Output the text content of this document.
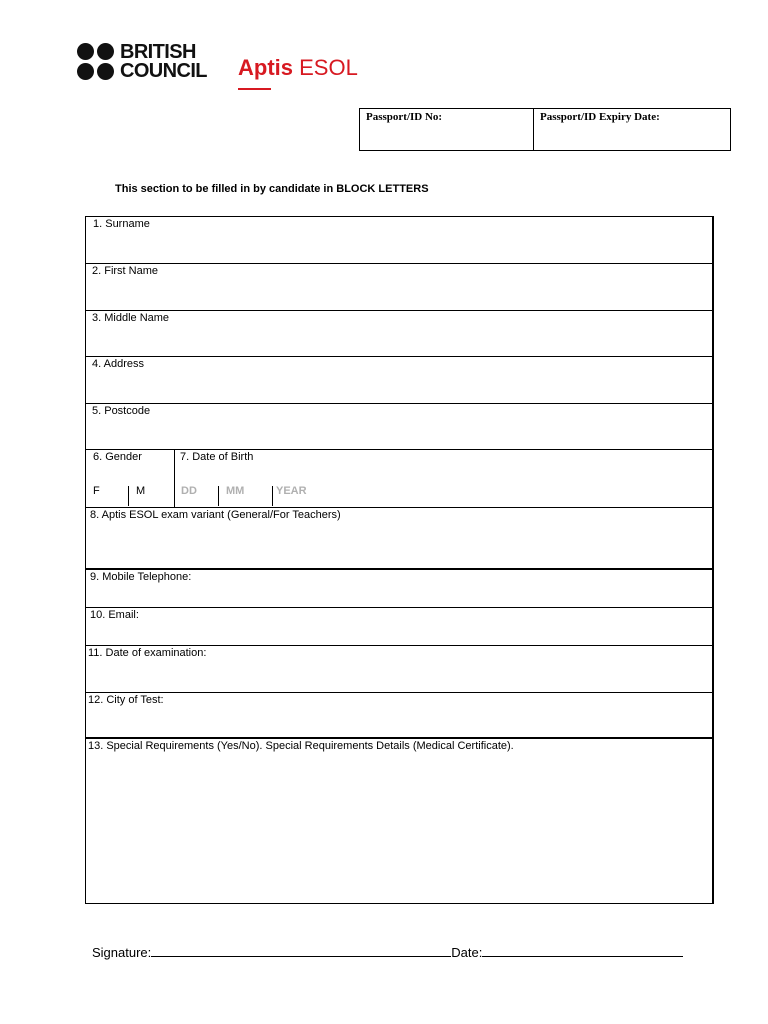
BRITISH
COUNCIL Aptis ESOL
Passport/ID No:	Passport/ID Expiry Date:
This section to be filled in by candidate in BLOCK LETTERS
1. Surname
2. First Name
3. Middle Name
4. Address
5. Postcode
6. Gender
F	M
7. Date of Birth
DD	MM	YEAR
8. Aptis ESOL exam variant (General/For Teachers)
9. Mobile Telephone:
10. Email:
11. Date of examination:
12. City of Test:
13. Special Requirements (Yes/No). Special Requirements Details (Medical Certificate).
Signature:	Date:
